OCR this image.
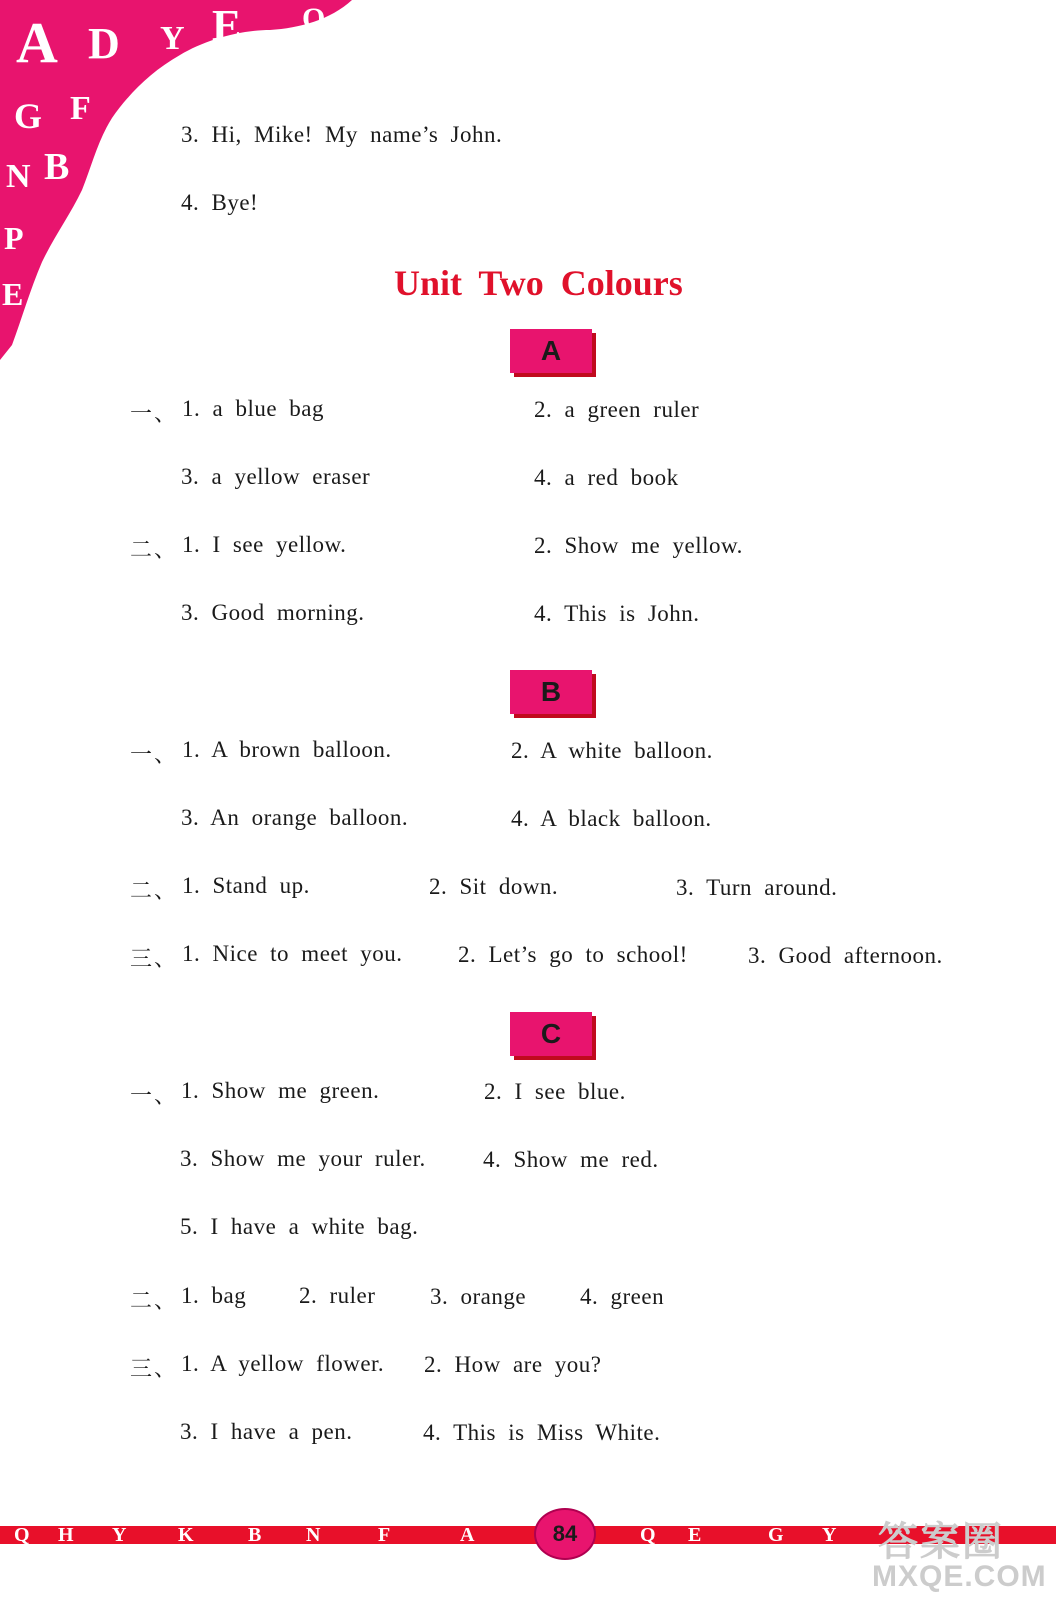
A D Y E Q
G F
N B
P
E
3. Hi, Mike! My name’s John.
4. Bye!
Unit Two Colours
A
一、 1. a blue bag	2. a green ruler
3. a yellow eraser	4. a red book
二、 1. I see yellow.	2. Show me yellow.
3. Good morning.	4. This is John.
B
一、 1. A brown balloon.	2. A white balloon.
3. An orange balloon.	4. A black balloon.
二、 1. Stand up.	2. Sit down.	3. Turn around.
三、 1. Nice to meet you. 2. Let’s go to school!	3. Good afternoon.
C
一、 1. Show me green.	2. I see blue.
3. Show me your ruler. 4. Show me red.
5. I have a white bag.
二、 1. bag 2. ruler 3. orange 4. green
三、 1. A yellow flower. 2. How are you?
3. I have a pen.	4. This is Miss White.
Q H Y	K	B N	F	A	Q E	G Y
84	答案圈
MXQE.COM
